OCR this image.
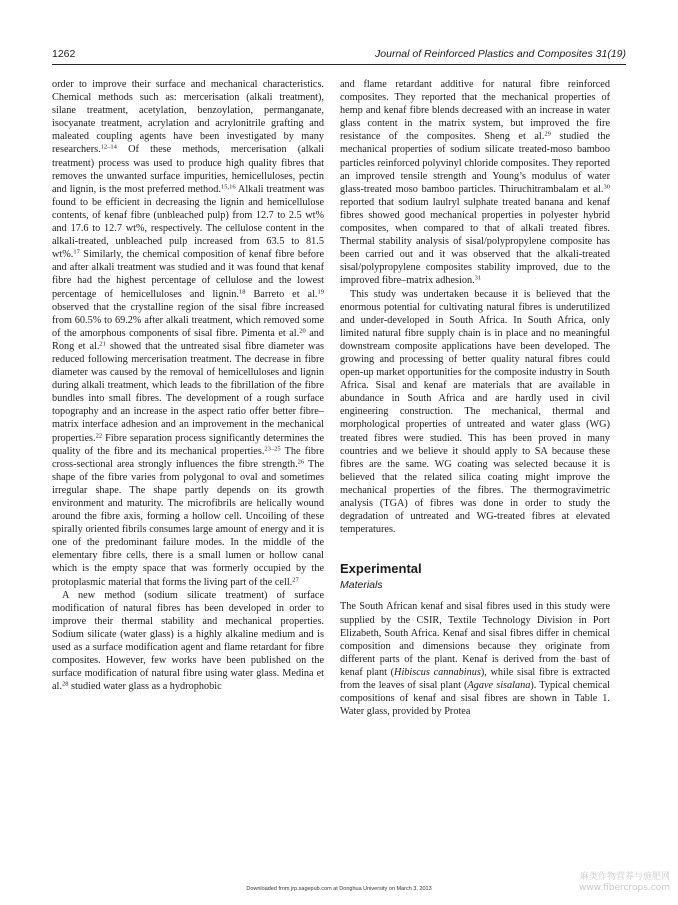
1262	Journal of Reinforced Plastics and Composites 31(19)

order to improve their surface and mechanical characteristics. Chemical methods such as: mercerisation (alkali treatment), silane treatment, acetylation, benzoylation, permanganate, isocyanate treatment, acrylation and acrylonitrile grafting and maleated coupling agents have been investigated by many researchers.$^{12-14}$ Of these methods, mercerisation (alkali treatment) process was used to produce high quality fibres that removes the unwanted surface impurities, hemicelluloses, pectin and lignin, is the most preferred method.$^{15,16}$ Alkali treatment was found to be efficient in decreasing the lignin and hemicellulose contents, of kenaf fibre (unbleached pulp) from 12.7 to 2.5 wt% and 17.6 to 12.7 wt%, respectively. The cellulose content in the alkali-treated, unbleached pulp increased from 63.5 to 81.5 wt%.$^{17}$ Similarly, the chemical composition of kenaf fibre before and after alkali treatment was studied and it was found that kenaf fibre had the highest percentage of cellulose and the lowest percentage of hemicelluloses and lignin.$^{18}$ Barreto et al.$^{19}$ observed that the crystalline region of the sisal fibre increased from 60.5% to 69.2% after alkali treatment, which removed some of the amorphous components of sisal fibre. Pimenta et al.$^{20}$ and Rong et al.$^{21}$ showed that the untreated sisal fibre diameter was reduced following mercerisation treatment. The decrease in fibre diameter was caused by the removal of hemicelluloses and lignin during alkali treatment, which leads to the fibrillation of the fibre bundles into small fibres. The development of a rough surface topography and an increase in the aspect ratio offer better fibre–matrix interface adhesion and an improvement in the mechanical properties.$^{22}$ Fibre separation process significantly determines the quality of the fibre and its mechanical properties.$^{23-25}$ The fibre cross-sectional area strongly influences the fibre strength.$^{26}$ The shape of the fibre varies from polygonal to oval and sometimes irregular shape. The shape partly depends on its growth environment and maturity. The microfibrils are helically wound around the fibre axis, forming a hollow cell. Uncoiling of these spirally oriented fibrils consumes large amount of energy and it is one of the predominant failure modes. In the middle of the elementary fibre cells, there is a small lumen or hollow canal which is the empty space that was formerly occupied by the protoplasmic material that forms the living part of the cell.$^{27}$

A new method (sodium silicate treatment) of surface modification of natural fibres has been developed in order to improve their thermal stability and mechanical properties. Sodium silicate (water glass) is a highly alkaline medium and is used as a surface modification agent and flame retardant for fibre composites. However, few works have been published on the surface modification of natural fibre using water glass. Medina et al.$^{28}$ studied water glass as a hydrophobic

and flame retardant additive for natural fibre reinforced composites. They reported that the mechanical properties of hemp and kenaf fibre blends decreased with an increase in water glass content in the matrix system, but improved the fire resistance of the composites. Sheng et al.$^{29}$ studied the mechanical properties of sodium silicate treated-moso bamboo particles reinforced polyvinyl chloride composites. They reported an improved tensile strength and Young’s modulus of water glass-treated moso bamboo particles. Thiruchitrambalam et al.$^{30}$ reported that sodium laulryl sulphate treated banana and kenaf fibres showed good mechanical properties in polyester hybrid composites, when compared to that of alkali treated fibres. Thermal stability analysis of sisal/polypropylene composite has been carried out and it was observed that the alkali-treated sisal/polypropylene composites stability improved, due to the improved fibre–matrix adhesion.$^{31}$

This study was undertaken because it is believed that the enormous potential for cultivating natural fibres is underutilized and under-developed in South Africa. In South Africa, only limited natural fibre supply chain is in place and no meaningful downstream composite applications have been developed. The growing and processing of better quality natural fibres could open-up market opportunities for the composite industry in South Africa. Sisal and kenaf are materials that are available in abundance in South Africa and are hardly used in civil engineering construction. The mechanical, thermal and morphological properties of untreated and water glass (WG) treated fibres were studied. This has been proved in many countries and we believe it should apply to SA because these fibres are the same. WG coating was selected because it is believed that the related silica coating might improve the mechanical properties of the fibres. The thermogravimetric analysis (TGA) of fibres was done in order to study the degradation of untreated and WG-treated fibres at elevated temperatures.

Experimental
Materials

The South African kenaf and sisal fibres used in this study were supplied by the CSIR, Textile Technology Division in Port Elizabeth, South Africa. Kenaf and sisal fibres differ in chemical composition and dimensions because they originate from different parts of the plant. Kenaf is derived from the bast of kenaf plant (Hibiscus cannabinus), while sisal fibre is extracted from the leaves of sisal plant (Agave sisalana). Typical chemical compositions of kenaf and sisal fibres are shown in Table 1. Water glass, provided by Protea

Downloaded from jrp.sagepub.com at Donghua University on March 3, 2013
麻类作物营养与施肥网
www.fibercrops.com
